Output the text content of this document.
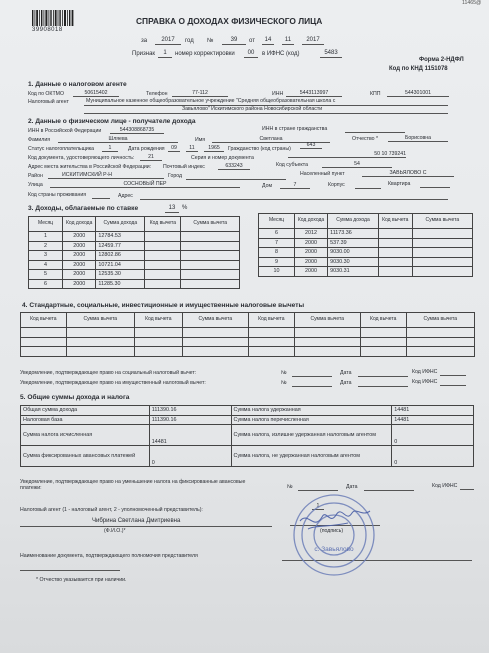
11465@
39908018
СПРАВКА О ДОХОДАХ ФИЗИЧЕСКОГО ЛИЦА
за	2017	год №	39	от	14	11	2017
Признак	1	номер корректировки	00	в ИФНС (код)	5483
Форма 2-НДФЛ
Код по КНД 1151078
1. Данные о налоговом агенте
Код по ОКТМО	50615402	Телефон	77-112	ИНН	5443113997	КПП	544301001
Налоговый агент	Муниципальное казенное общеобразовательное учреждение "Средняя общеобразовательная школа с
Завьялово" Искитимского района Новосибирской области
2. Данные о физическом лице - получателе дохода
ИНН в Российской Федерации	544308868735	ИНН в стране гражданства
Фамилия	Шляева	Имя	Светлана	Отчество *	Борисовна
Статус налогоплательщика	1	Дата рождения	09	11	1965	Гражданство (код страны)
643
Код документа, удостоверяющего личность:	21	Серия и номер документа
50 10 739241
Адрес места жительства в Российской Федерации: Почтовый индекс	633243	Код субъекта	54
Район	ИСКИТИМСКИЙ Р-Н	Город	Населенный пункт	ЗАВЬЯЛОВО С
Улица	СОСНОВЫЙ ПЕР	Дом	7	Корпус	Квартира
Код страны проживания	Адрес
3. Доходы, облагаемые по ставке	13	%
Месяц	Код дохода	Сумма дохода	Код вычета	Сумма вычета
1	2000	12784.53		
2	2000	12459.77		
3	2000	12802.86		
4	2000	10721.04		
5	2000	12535.30		
6	2000	11285.30		
Месяц	Код дохода	Сумма дохода	Код вычета	Сумма вычета
6	2012	11173.36		
7	2000	537.39		
8	2000	9030.00		
9	2000	9030.30		
10	2000	9030.31		
4. Стандартные, социальные, инвестиционные и имущественные налоговые вычеты
Код вычета	Сумма вычета	Код вычета	Сумма вычета	Код вычета	Сумма вычета	Код вычета	Сумма вычета

Уведомление, подтверждающее право на социальный налоговый вычет:	№	Дата	Код ИФНС
Уведомление, подтверждающее право на имущественный налоговый вычет:	№	Дата	Код ИФНС
5. Общие суммы дохода и налога
Общая сумма дохода	111390.16	Сумма налога удержанная	14481
Налоговая база	111390.16	Сумма налога перечисленная	14481
Сумма налога исчисленная	14481	Сумма налога, излишне удержанная налоговым агентом	0
Сумма фиксированных авансовых платежей	0	Сумма налога, не удержанная налоговым агентом	0
Уведомление, подтверждающее право на уменьшение налога на фиксированные авансовые платежи:	№	Дата	Код ИФНС
Налоговый агент (1 - налоговый агент, 2 - уполномоченный представитель):
1
Чибрина Светлана Дмитриевна
(Ф.И.О.)*	(подпись)
Наименование документа, подтверждающего полномочия представителя
* Отчество указывается при наличии.
с. Завьялово
